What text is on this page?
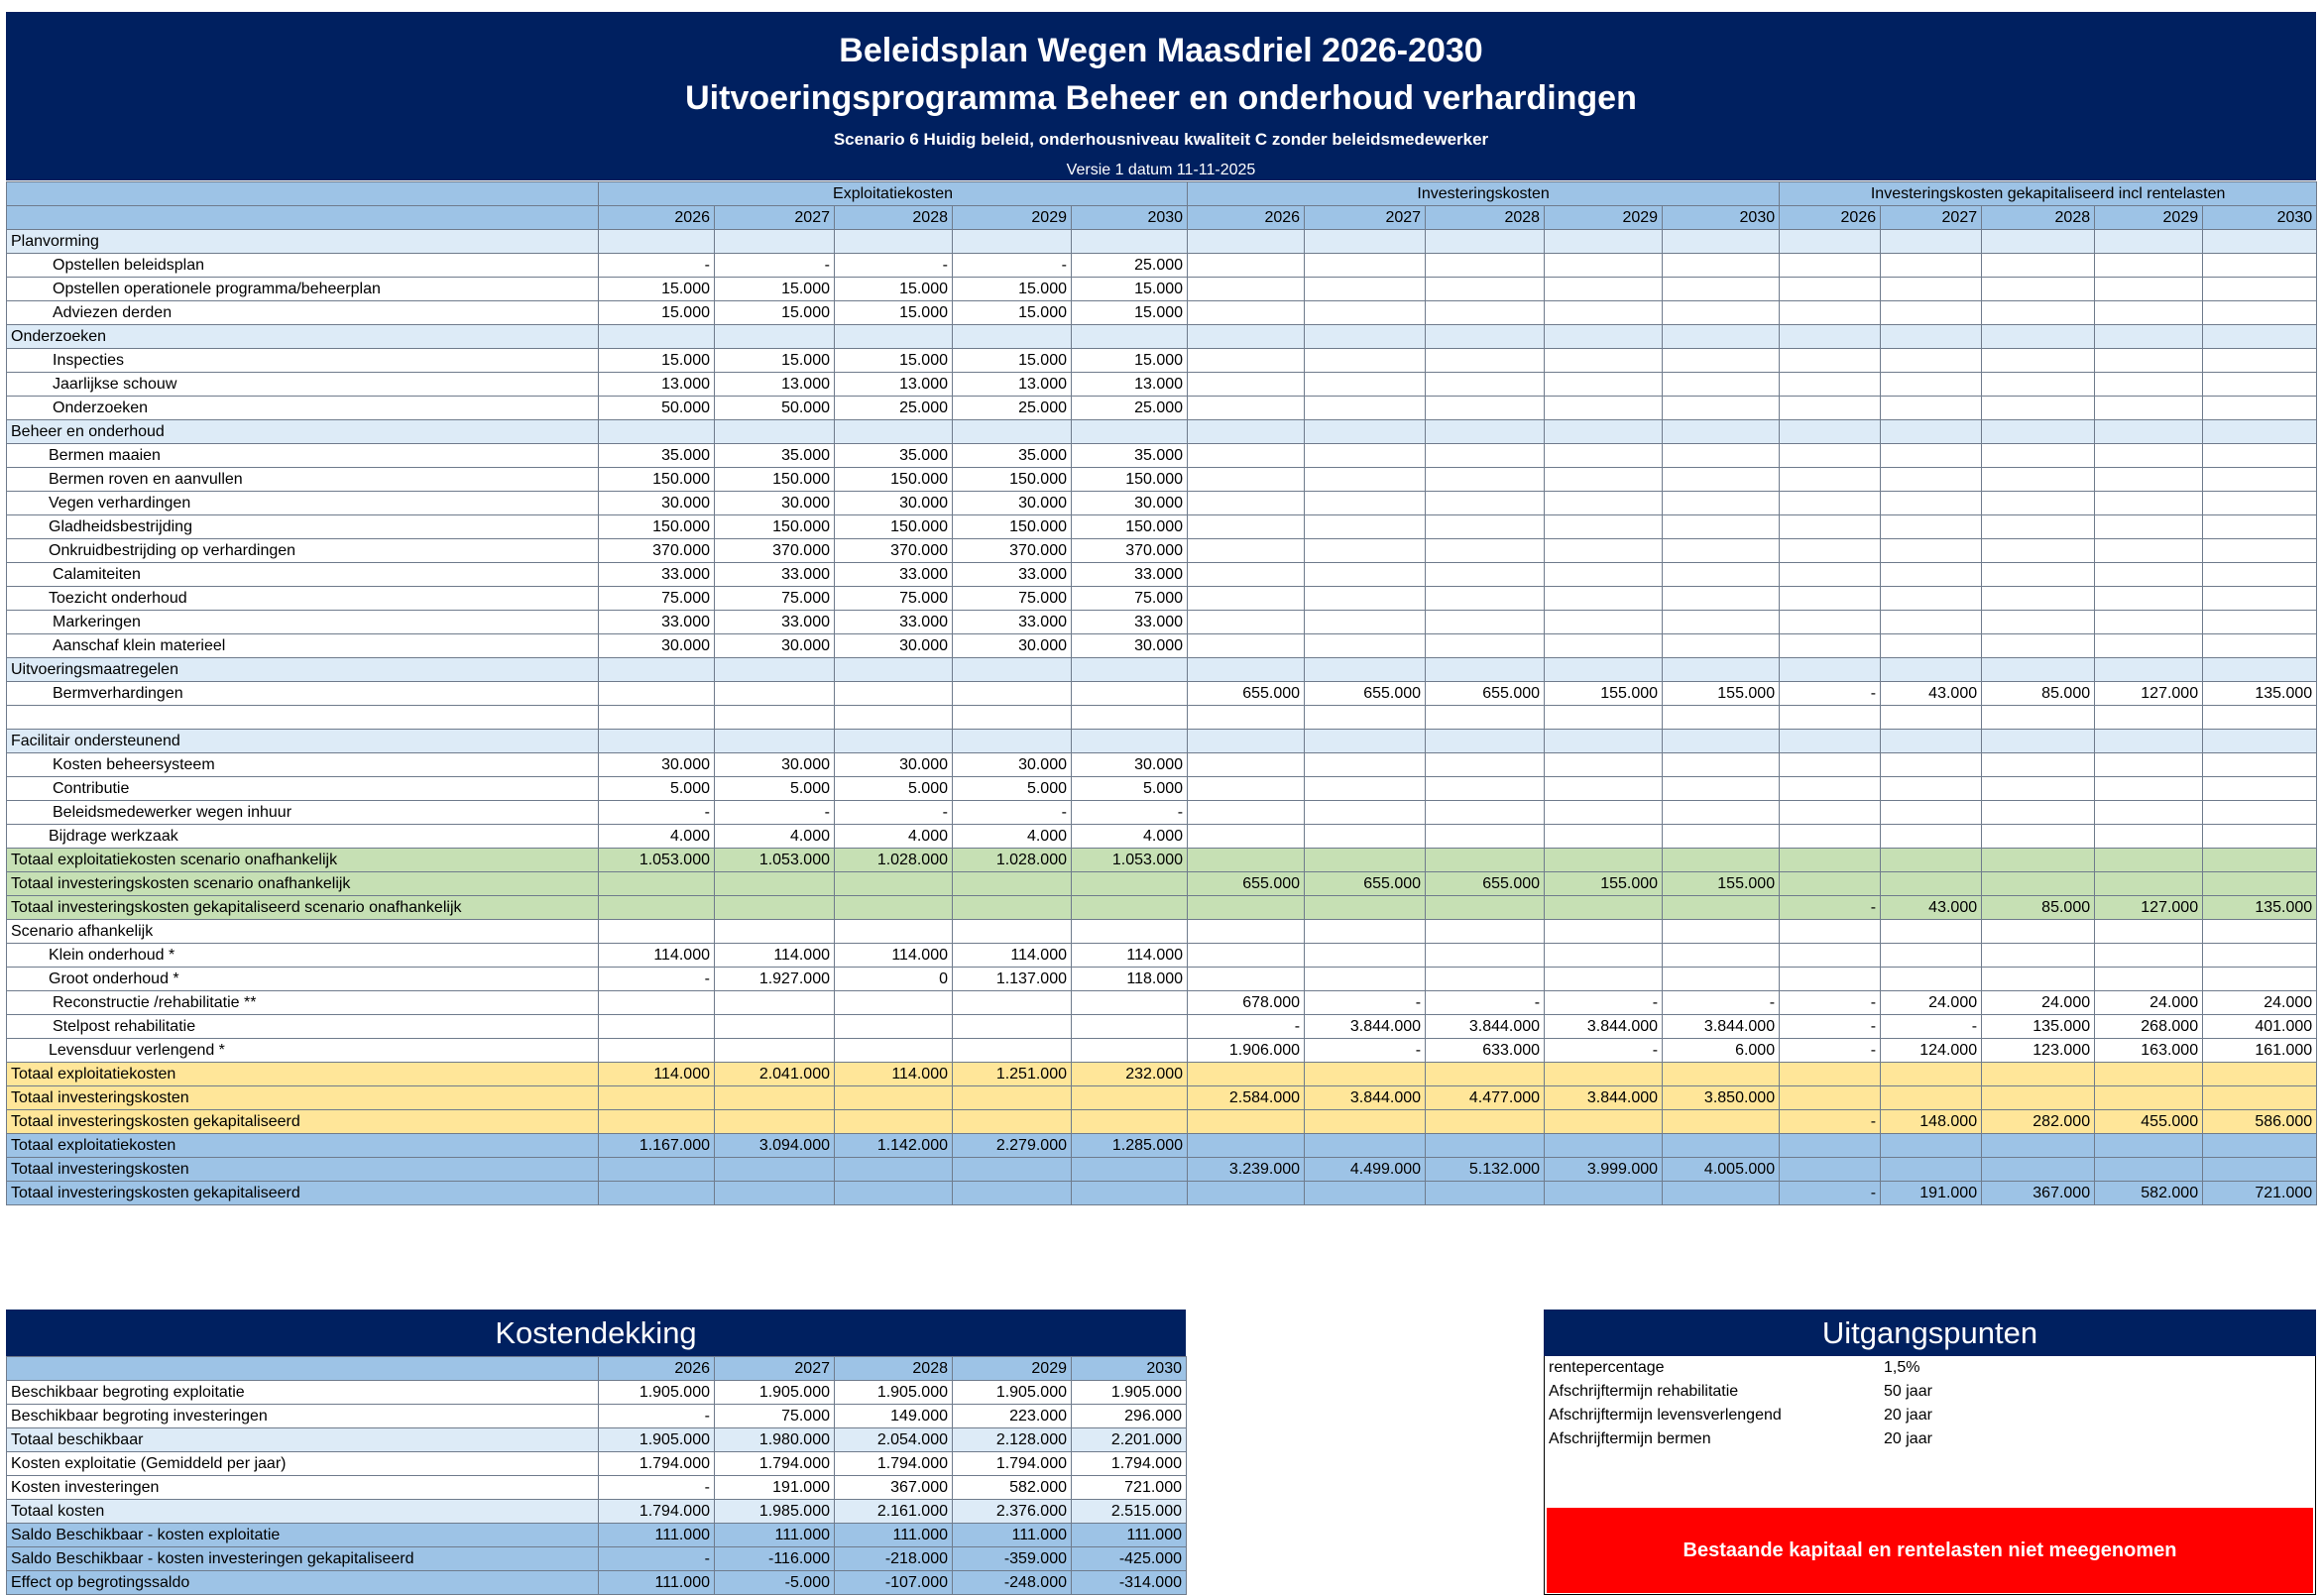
Beleidsplan Wegen Maasdriel 2026-2030
Uitvoeringsprogramma Beheer en onderhoud verhardingen
Scenario 6 Huidig beleid, onderhousniveau kwaliteit C zonder beleidsmedewerker
Versie 1 datum 11-11-2025
	Exploitatiekosten					Investeringskosten					Investeringskosten gekapitaliseerd incl rentelasten				
	2026	2027	2028	2029	2030	2026	2027	2028	2029	2030	2026	2027	2028	2029	2030
Planvorming															
Opstellen beleidsplan	-	-	-	-	25.000										
Opstellen operationele programma/beheerplan	15.000	15.000	15.000	15.000	15.000										
Adviezen derden	15.000	15.000	15.000	15.000	15.000										
Onderzoeken															
Inspecties	15.000	15.000	15.000	15.000	15.000										
Jaarlijkse schouw	13.000	13.000	13.000	13.000	13.000										
Onderzoeken	50.000	50.000	25.000	25.000	25.000										
Beheer en onderhoud															
Bermen maaien	35.000	35.000	35.000	35.000	35.000										
Bermen roven en aanvullen	150.000	150.000	150.000	150.000	150.000										
Vegen verhardingen	30.000	30.000	30.000	30.000	30.000										
Gladheidsbestrijding	150.000	150.000	150.000	150.000	150.000										
Onkruidbestrijding op verhardingen	370.000	370.000	370.000	370.000	370.000										
Calamiteiten	33.000	33.000	33.000	33.000	33.000										
Toezicht onderhoud	75.000	75.000	75.000	75.000	75.000										
Markeringen	33.000	33.000	33.000	33.000	33.000										
Aanschaf klein materieel	30.000	30.000	30.000	30.000	30.000										
Uitvoeringsmaatregelen															
Bermverhardingen						655.000	655.000	655.000	155.000	155.000	-	43.000	85.000	127.000	135.000

Facilitair ondersteunend															
Kosten beheersysteem	30.000	30.000	30.000	30.000	30.000										
Contributie	5.000	5.000	5.000	5.000	5.000										
Beleidsmedewerker wegen inhuur	-	-	-	-	-										
Bijdrage werkzaak	4.000	4.000	4.000	4.000	4.000										
Totaal exploitatiekosten scenario onafhankelijk	1.053.000	1.053.000	1.028.000	1.028.000	1.053.000										
Totaal investeringskosten scenario onafhankelijk						655.000	655.000	655.000	155.000	155.000					
Totaal investeringskosten gekapitaliseerd scenario onafhankelijk											-	43.000	85.000	127.000	135.000
Scenario afhankelijk															
Klein onderhoud *	114.000	114.000	114.000	114.000	114.000										
Groot onderhoud *	-	1.927.000	0	1.137.000	118.000										
Reconstructie /rehabilitatie **						678.000	-	-	-	-	-	24.000	24.000	24.000	24.000
Stelpost rehabilitatie						-	3.844.000	3.844.000	3.844.000	3.844.000	-	-	135.000	268.000	401.000
Levensduur verlengend *						1.906.000	-	633.000	-	6.000	-	124.000	123.000	163.000	161.000
Totaal exploitatiekosten	114.000	2.041.000	114.000	1.251.000	232.000										
Totaal investeringskosten						2.584.000	3.844.000	4.477.000	3.844.000	3.850.000					
Totaal investeringskosten gekapitaliseerd											-	148.000	282.000	455.000	586.000
Totaal exploitatiekosten	1.167.000	3.094.000	1.142.000	2.279.000	1.285.000										
Totaal investeringskosten						3.239.000	4.499.000	5.132.000	3.999.000	4.005.000					
Totaal investeringskosten gekapitaliseerd											-	191.000	367.000	582.000	721.000
Kostendekking
	2026	2027	2028	2029	2030
Beschikbaar begroting exploitatie	1.905.000	1.905.000	1.905.000	1.905.000	1.905.000
Beschikbaar begroting investeringen	-	75.000	149.000	223.000	296.000
Totaal beschikbaar	1.905.000	1.980.000	2.054.000	2.128.000	2.201.000
Kosten exploitatie (Gemiddeld per jaar)	1.794.000	1.794.000	1.794.000	1.794.000	1.794.000
Kosten investeringen	-	191.000	367.000	582.000	721.000
Totaal kosten	1.794.000	1.985.000	2.161.000	2.376.000	2.515.000
Saldo Beschikbaar - kosten exploitatie	111.000	111.000	111.000	111.000	111.000
Saldo Beschikbaar - kosten investeringen gekapitaliseerd	-	-116.000	-218.000	-359.000	-425.000
Effect op begrotingssaldo	111.000	-5.000	-107.000	-248.000	-314.000
Uitgangspunten
rentepercentage	1,5%
Afschrijftermijn rehabilitatie	50 jaar
Afschrijftermijn levensverlengend	20 jaar
Afschrijftermijn bermen	20 jaar
Bestaande kapitaal en rentelasten niet meegenomen
